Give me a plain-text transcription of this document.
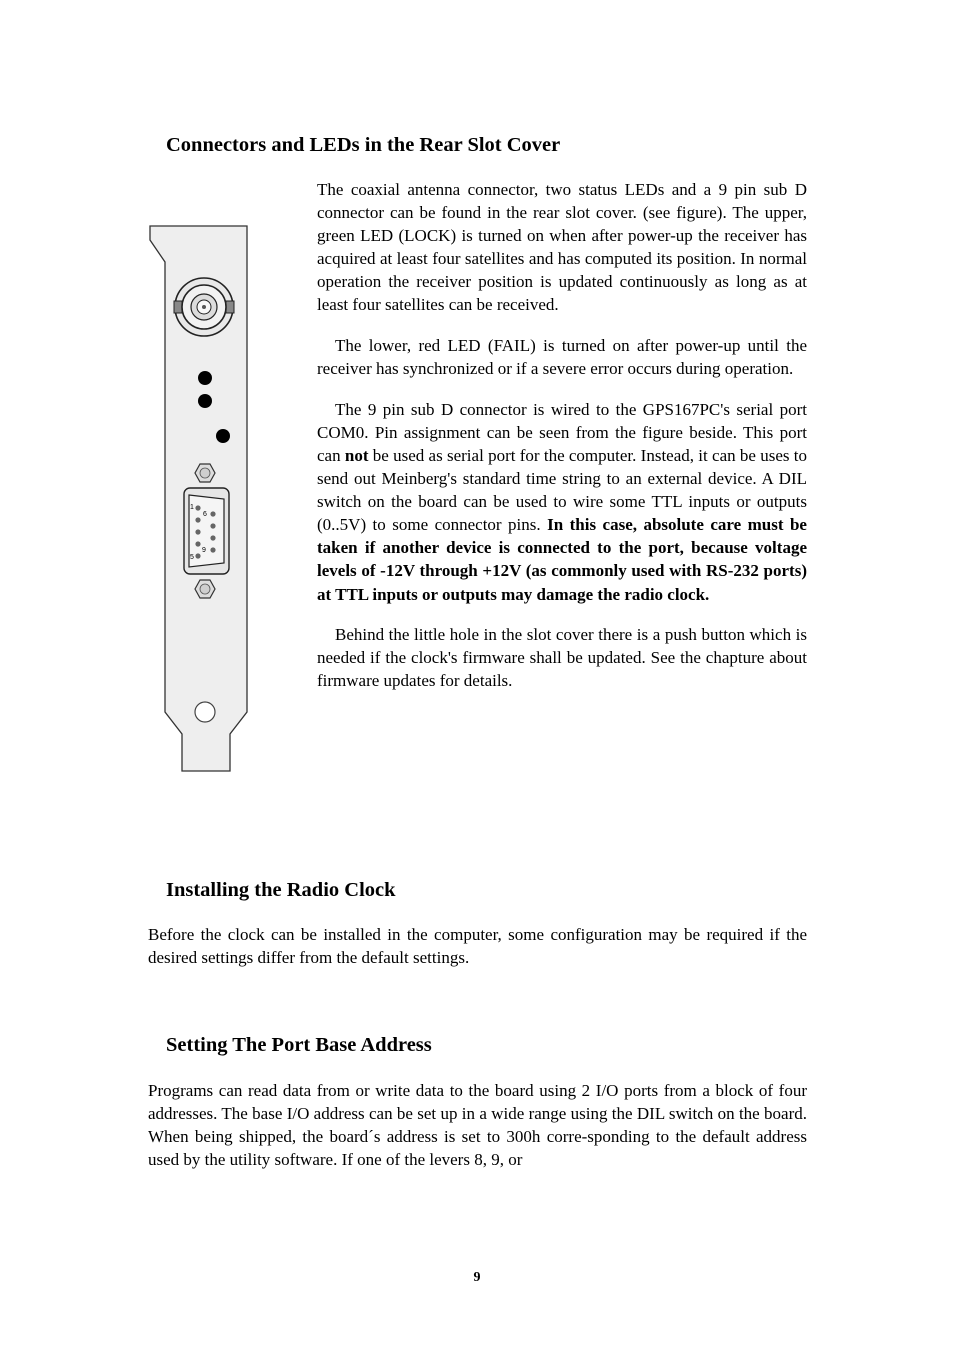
Connectors and LEDs in the Rear Slot Cover
1
5
6
9

The coaxial antenna connector, two status LEDs and a 9 pin sub D connector can be found in the rear slot cover. (see figure). The upper, green LED (LOCK) is turned on when after power-up the receiver has acquired at least four satellites and has computed its position. In normal operation the receiver position is updated continuously as long as at least four satellites can be received.

The lower, red LED (FAIL) is turned on after power-up until the receiver has synchronized or if a severe error occurs during operation.

The 9 pin sub D connector is wired to the GPS167PC's serial port COM0. Pin assignment can be seen from the figure beside. This port can not be used as serial port for the computer. Instead, it can be uses to send out Meinberg's standard time string to an external device. A DIL switch on the board can be used to wire some TTL inputs or outputs (0..5V) to some connector pins. In this case, absolute care must be taken if another device is connected to the port, because voltage levels of -12V through +12V (as commonly used with RS-232 ports) at TTL inputs or outputs may damage the radio clock.

Behind the little hole in the slot cover there is a push button which is needed if the clock's firmware shall be updated. See the chapture about firmware updates for details.

Installing the Radio Clock

Before the clock can be installed in the computer, some configuration may be required if the desired settings differ from the default settings.

Setting The Port Base Address

Programs can read data from or write data to the board using 2 I/O ports from a block of four addresses. The base I/O address can be set up in a wide range using the DIL switch on the board. When being shipped, the board´s address is set to 300h corre-sponding to the default address used by the utility software. If one of the levers 8, 9, or

9
